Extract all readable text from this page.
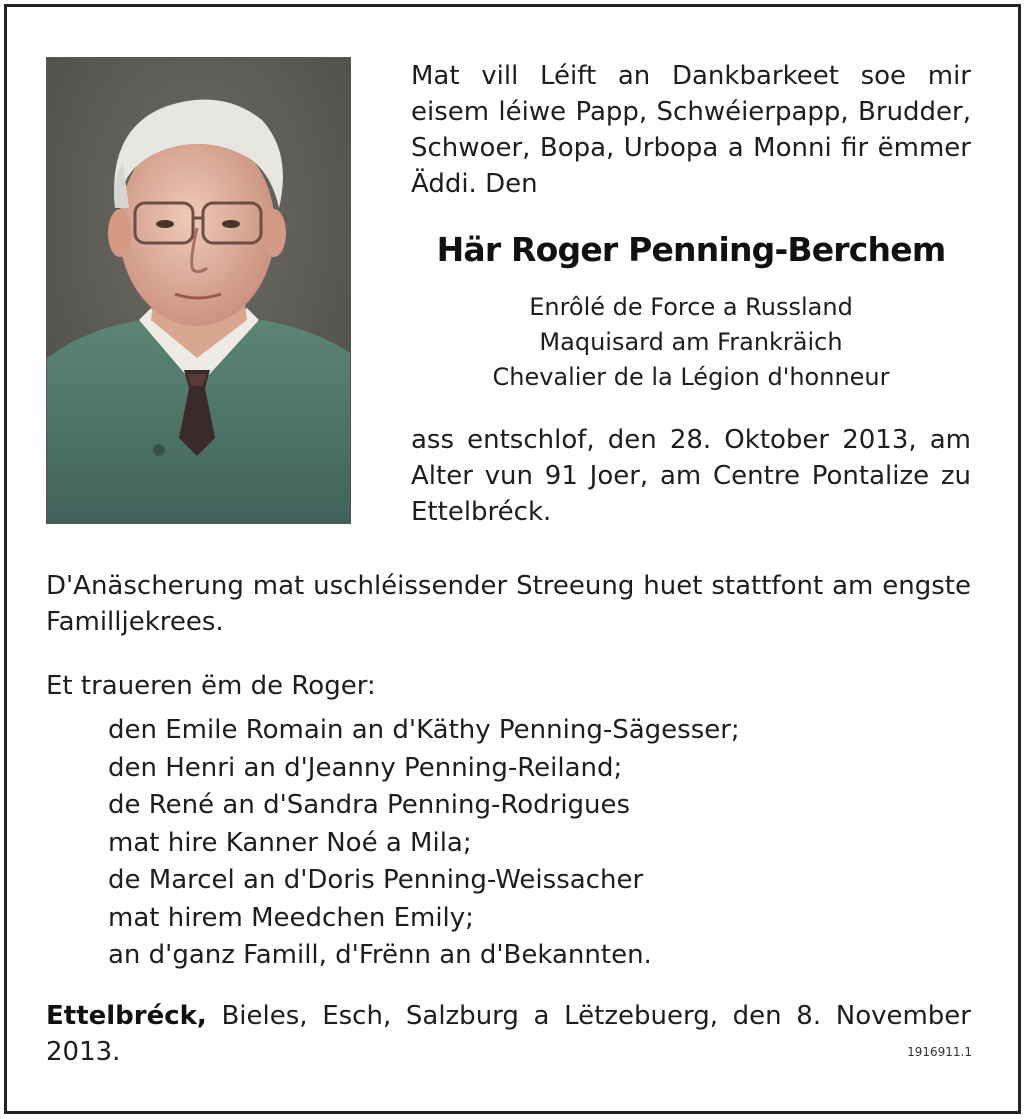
Mat vill Léift an Dankbarkeet soe mir eisem léiwe Papp, Schwéierpapp, Brudder, Schwoer, Bopa, Urbopa a Monni fir ëmmer Äddi. Den

Här Roger Penning-Berchem
Enrôlé de Force a Russland
Maquisard am Frankräich
Chevalier de la Légion d'honneur

ass entschlof, den 28. Oktober 2013, am Alter vun 91 Joer, am Centre Pontalize zu Ettelbréck.

D'Anäscherung mat uschléissender Streeung huet stattfont am engste Familljekrees.

Et traueren ëm de Roger:
den Emile Romain an d'Käthy Penning-Sägesser;
den Henri an d'Jeanny Penning-Reiland;
de René an d'Sandra Penning-Rodrigues
mat hire Kanner Noé a Mila;
de Marcel an d'Doris Penning-Weissacher
mat hirem Meedchen Emily;
an d'ganz Famill, d'Frënn an d'Bekannten.

Ettelbréck, Bieles, Esch, Salzburg a Lëtzebuerg, den 8. November 2013.	1916911.1
